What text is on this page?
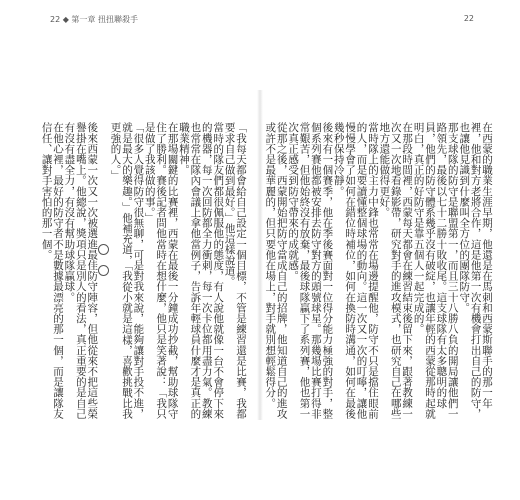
22 ◆ 第一章 扭扭聯殺手	22
在西蒙的職業生涯早期，他還是在馬刺和西蒙斯聯手的那一年裡，他和對方老將合作，這是他第一次有機會打出自己的防守，也讓他見識到什麼叫全方位的團隊防守。
那支球隊的防守是聯盟第一，而且三十八勝八負的開局讓他們一路領先，最後以七十二勝十敗收尾。這支球隊有太多聰明的球員，他們的防守體系幾乎沒有破綻，也讓年輕的西蒙從那時起就明白，真正的好防守是靠五個人一起完成的。
在那段時間裡，西蒙每天都會在練習結束後留下來，跟著教練一次又一次地看錄影帶，研究對手的進攻模式，也研究自己在哪些地方還能做得更好。
當時隊上的主力中鋒也常常在場邊提醒他，防守不只是擋住眼前的人，而是要讀懂整個球場的動向。這一次又一次的叮嚀，讓他慢慢學會了如何在錯位時補位，如何在換防時溝通，如何在最後幾秒保持冷靜。
後來有一個賽季，他在季後賽面對一位得分能力極強的對手，整個系列賽他都被安排去防守對方的頭號球星。那幾場比賽打得非常艱苦，但他始終沒有放棄，最後球隊贏下了系列賽，他也第一次真正感受到防守帶來的成就感。
從那之後，西蒙開始把防守當成自己的招牌，他知道自己的進攻或許不是最華麗的，但只要他在場上，對手就別想輕鬆得分。
「我每天都會給自己設定一個目標，不管是練習還是比賽，我都要求自己做到最好。」他這樣說道。
當時的隊友們都很佩服他的態度，有人說他就像一台不會停下來的機器，每一次回防都全力衝刺，每一次卡位都用盡力氣。教練也常常在隊內會議上拿他當例子，告訴年輕球員什麼才是真正的職業精神。
在那場關鍵的比賽裡，西蒙在最後一分鐘成功抄截，幫助球隊守住了勝利。賽後記者問他當時在想什麼，他只是笑著說：「我只是做了我該做的事。」
「很多人覺得防守很無聊，可是對我來說，能夠讓對手投不進，就是最大的樂趣。」他補充道，「我從小就是這樣，喜歡挑戰比我更強的人。」

後來西蒙一次又一次被選進最佳防守陣容，但他從來不把這些榮譽掛在嘴上。他總說，獎項只是別人的看法，真正重要的是自己有沒有盡全力，有沒有幫助球隊贏球。
在他心裡，最好的防守者不是數據最漂亮的那一個，而是讓隊友信任、讓對手害怕的那一個。
